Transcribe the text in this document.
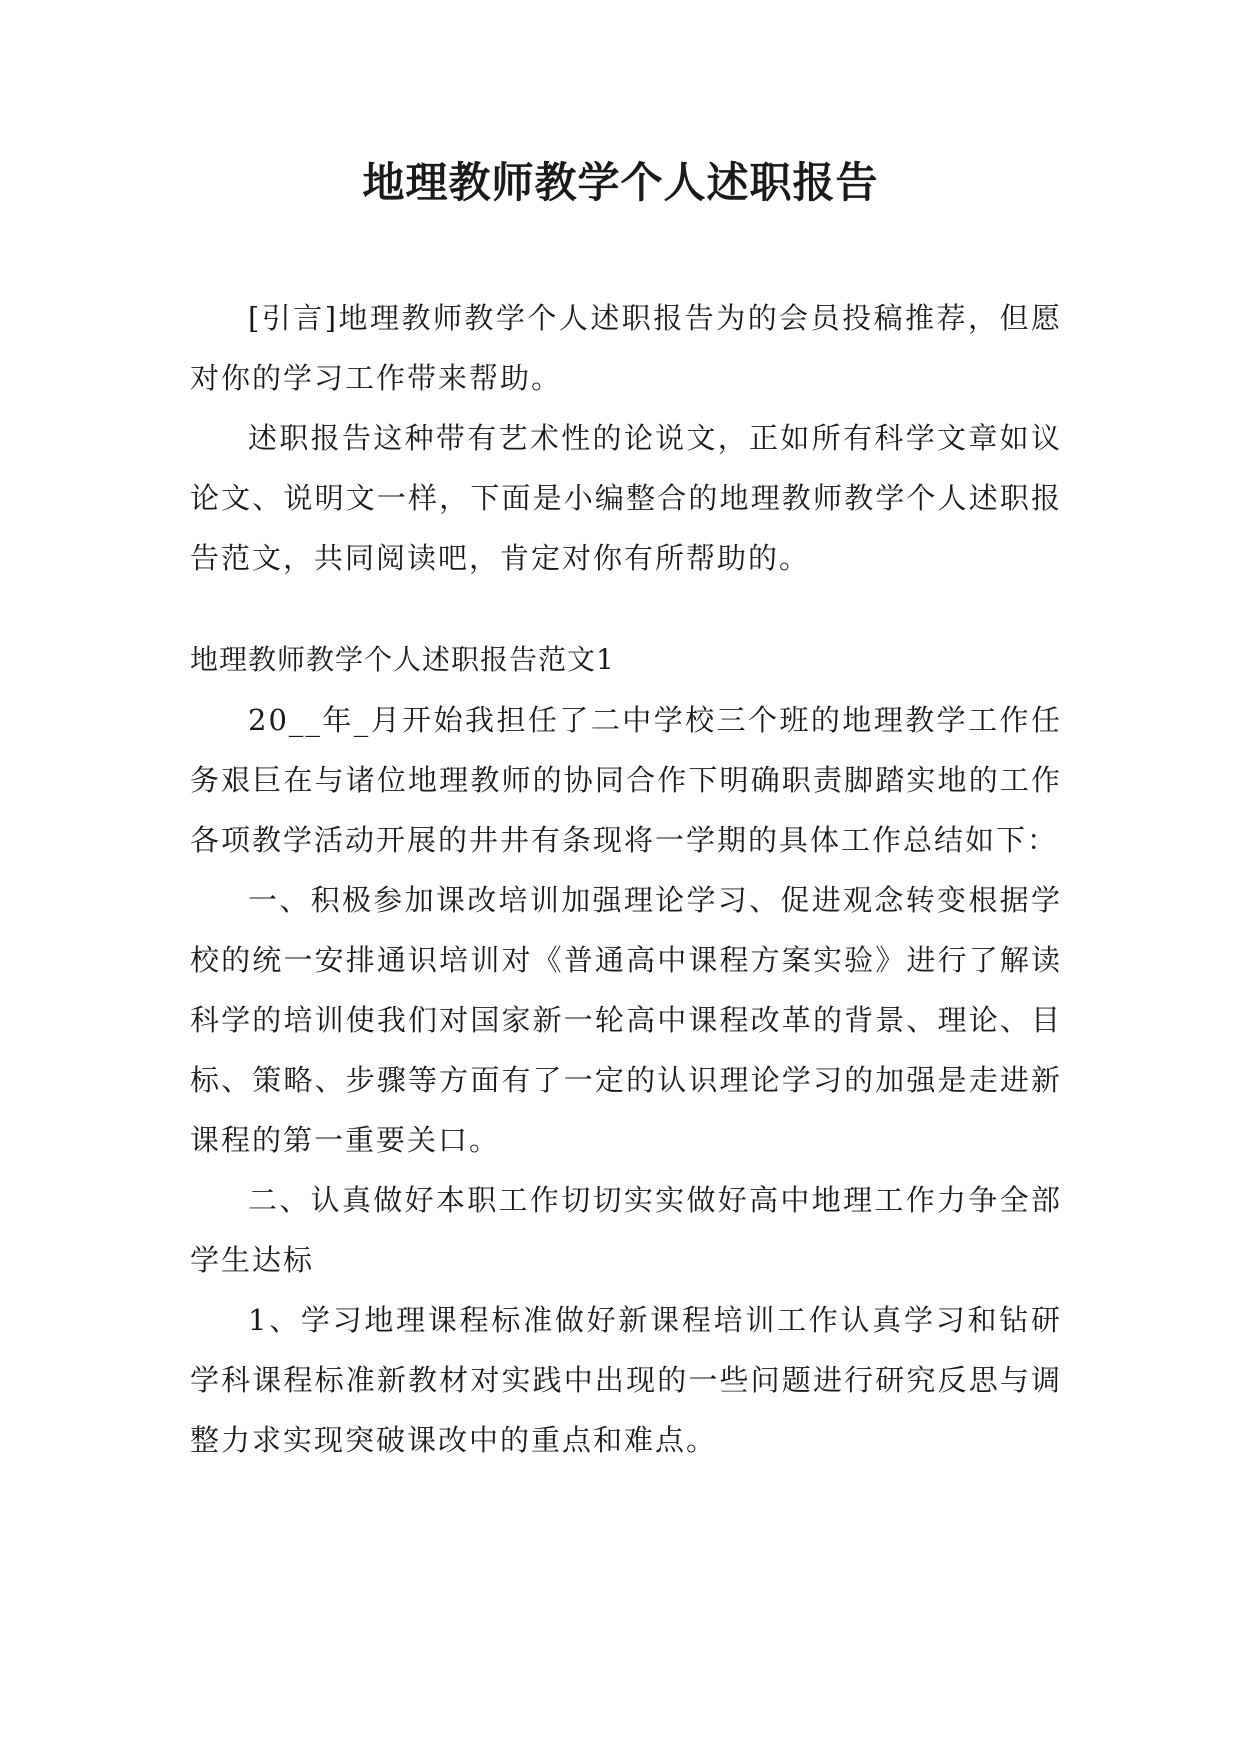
地理教师教学个人述职报告

[引言]地理教师教学个人述职报告为的会员投稿推荐，但愿对你的学习工作带来帮助。

述职报告这种带有艺术性的论说文，正如所有科学文章如议论文、说明文一样，下面是小编整合的地理教师教学个人述职报告范文，共同阅读吧，肯定对你有所帮助的。

地理教师教学个人述职报告范文1

20__年_月开始我担任了二中学校三个班的地理教学工作任务艰巨在与诸位地理教师的协同合作下明确职责脚踏实地的工作各项教学活动开展的井井有条现将一学期的具体工作总结如下：

一、积极参加课改培训加强理论学习、促进观念转变根据学校的统一安排通识培训对《普通高中课程方案实验》进行了解读科学的培训使我们对国家新一轮高中课程改革的背景、理论、目标、策略、步骤等方面有了一定的认识理论学习的加强是走进新课程的第一重要关口。

二、认真做好本职工作切切实实做好高中地理工作力争全部学生达标

1、学习地理课程标准做好新课程培训工作认真学习和钻研学科课程标准新教材对实践中出现的一些问题进行研究反思与调整力求实现突破课改中的重点和难点。
